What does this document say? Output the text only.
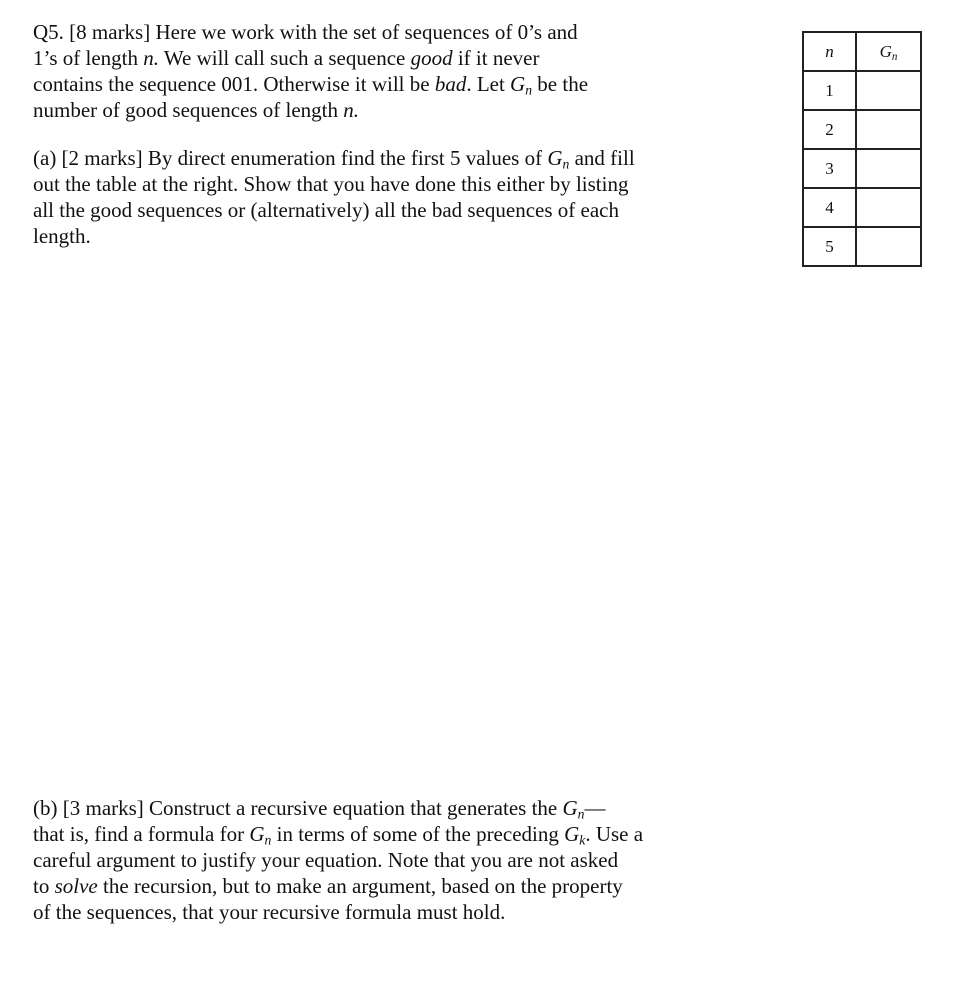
Q5. [8 marks] Here we work with the set of sequences of 0’s and
1’s of length n. We will call such a sequence good if it never
contains the sequence 001. Otherwise it will be bad. Let $G_n$ be the
number of good sequences of length n.

(a) [2 marks] By direct enumeration find the first 5 values of $G_n$ and fill
out the table at the right. Show that you have done this either by listing
all the good sequences or (alternatively) all the bad sequences of each
length.

(b) [3 marks] Construct a recursive equation that generates the $G_n--$
that is, find a formula for $G_n$ in terms of some of the preceding $G_k$. Use a
careful argument to justify your equation. Note that you are not asked
to solve the recursion, but to make an argument, based on the property
of the sequences, that your recursive formula must hold.

n	$G_n$
1	
2	
3	
4	
5	
